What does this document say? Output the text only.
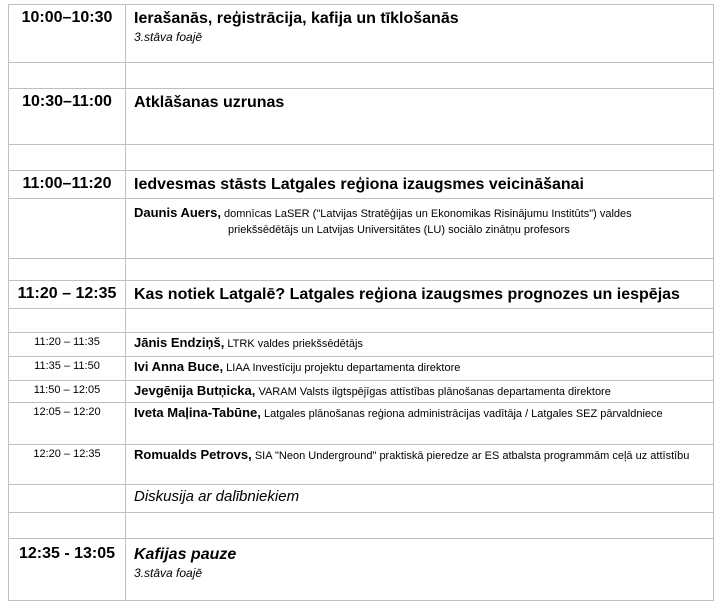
10:00–10:30	Ierašanās, reģistrācija, kafija un tīklošanās
3.stāva foajē

10:30–11:00	Atklāšanas uzrunas

11:00–11:20	Iedvesmas stāsts Latgales reģiona izaugsmes veicināšanai

	Daunis Auers, domnīcas LaSER ("Latvijas Stratēģijas un Ekonomikas Risinājumu Institūts") valdes
priekšsēdētājs un Latvijas Universitātes (LU) sociālo zinātņu profesors

11:20 – 12:35	Kas notiek Latgalē? Latgales reģiona izaugsmes prognozes un iespējas

11:20 – 11:35	Jānis Endziņš, LTRK valdes priekšsēdētājs

11:35 – 11:50	Ivi Anna Buce, LIAA Investīciju projektu departamenta direktore

11:50 – 12:05	Jevgēnija Butņicka, VARAM Valsts ilgtspējīgas attīstības plānošanas departamenta direktore

12:05 – 12:20	Iveta Maļina-Tabūne, Latgales plānošanas reģiona administrācijas vadītāja / Latgales SEZ pārvaldniece

12:20 – 12:35	Romualds Petrovs, SIA "Neon Underground" praktiskā pieredze ar ES atbalsta programmām ceļā uz attīstību

	Diskusija ar dalībniekiem

12:35 - 13:05	Kafijas pauze
3.stāva foajē
